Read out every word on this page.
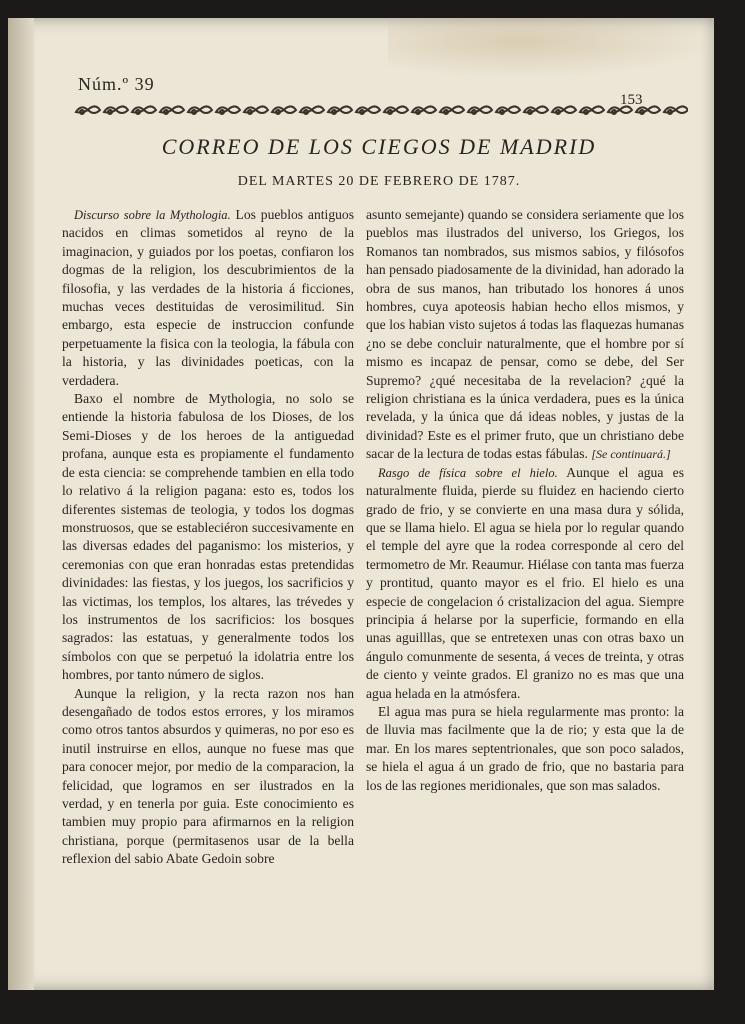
Núm.º 39
153
CORREO DE LOS CIEGOS DE MADRID
DEL MARTES 20 DE FEBRERO DE 1787.

Discurso sobre la Mythologia. Los pueblos antiguos nacidos en climas sometidos al reyno de la imaginacion, y guiados por los poetas, confiaron los dogmas de la religion, los descubrimientos de la filosofia, y las verdades de la historia á ficciones, muchas veces destituidas de verosimilitud. Sin embargo, esta especie de instruccion confunde perpetuamente la fisica con la teologia, la fábula con la historia, y las divinidades poeticas, con la verdadera.

Baxo el nombre de Mythologia, no solo se entiende la historia fabulosa de los Dioses, de los Semi-Dioses y de los heroes de la antiguedad profana, aunque esta es propiamente el fundamento de esta ciencia: se comprehende tambien en ella todo lo relativo á la religion pagana: esto es, todos los diferentes sistemas de teologia, y todos los dogmas monstruosos, que se estableciéron succesivamente en las diversas edades del paganismo: los misterios, y ceremonias con que eran honradas estas pretendidas divinidades: las fiestas, y los juegos, los sacrificios y las victimas, los templos, los altares, las trévedes y los instrumentos de los sacrificios: los bosques sagrados: las estatuas, y generalmente todos los símbolos con que se perpetuó la idolatria entre los hombres, por tanto número de siglos.

Aunque la religion, y la recta razon nos han desengañado de todos estos errores, y los miramos como otros tantos absurdos y quimeras, no por eso es inutil instruirse en ellos, aunque no fuese mas que para conocer mejor, por medio de la comparacion, la felicidad, que logramos en ser ilustrados en la verdad, y en tenerla por guia. Este conocimiento es tambien muy propio para afirmarnos en la religion christiana, porque (permitasenos usar de la bella reflexion del sabio Abate Gedoin sobre

asunto semejante) quando se considera seriamente que los pueblos mas ilustrados del universo, los Griegos, los Romanos tan nombrados, sus mismos sabios, y filósofos han pensado piadosamente de la divinidad, han adorado la obra de sus manos, han tributado los honores á unos hombres, cuya apoteosis habian hecho ellos mismos, y que los habian visto sujetos á todas las flaquezas humanas ¿no se debe concluir naturalmente, que el hombre por sí mismo es incapaz de pensar, como se debe, del Ser Supremo? ¿qué necesitaba de la revelacion? ¿qué la religion christiana es la única verdadera, pues es la única revelada, y la única que dá ideas nobles, y justas de la divinidad? Este es el primer fruto, que un christiano debe sacar de la lectura de todas estas fábulas. [Se continuará.]

Rasgo de física sobre el hielo. Aunque el agua es naturalmente fluida, pierde su fluidez en haciendo cierto grado de frio, y se convierte en una masa dura y sólida, que se llama hielo. El agua se hiela por lo regular quando el temple del ayre que la rodea corresponde al cero del termometro de Mr. Reaumur. Hiélase con tanta mas fuerza y prontitud, quanto mayor es el frio. El hielo es una especie de congelacion ó cristalizacion del agua. Siempre principia á helarse por la superficie, formando en ella unas aguilllas, que se entretexen unas con otras baxo un ángulo comunmente de sesenta, á veces de treinta, y otras de ciento y veinte grados. El granizo no es mas que una agua helada en la atmósfera.

El agua mas pura se hiela regularmente mas pronto: la de lluvia mas facilmente que la de rio; y esta que la de mar. En los mares septentrionales, que son poco salados, se hiela el agua á un grado de frio, que no bastaria para los de las regiones meridionales, que son mas salados.
